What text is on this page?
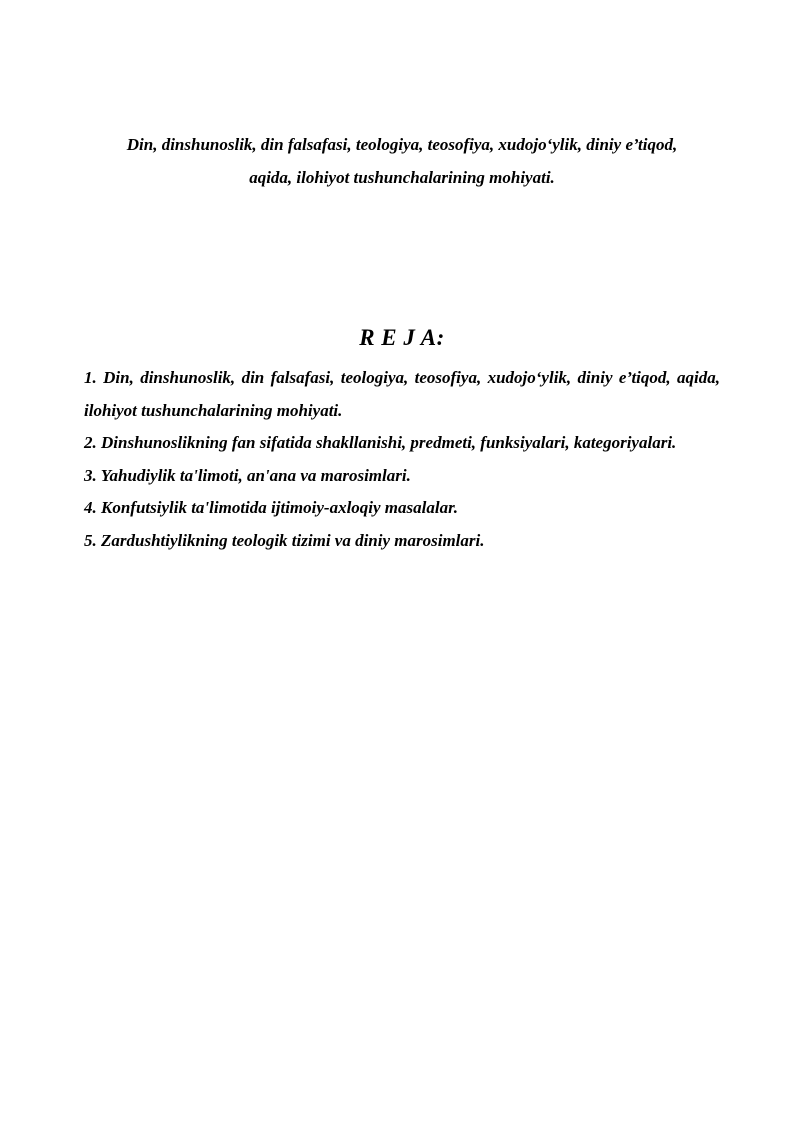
Din, dinshunoslik, din falsafasi, teologiya, teosofiya, xudojo‘ylik, diniy e’tiqod,
aqida, ilohiyot tushunchalarining mohiyati.
R E J A:
1. Din, dinshunoslik, din falsafasi, teologiya, teosofiya, xudojo‘ylik, diniy e’tiqod, aqida, ilohiyot tushunchalarining mohiyati.
2. Dinshunoslikning fan sifatida shakllanishi, predmeti, funksiyalari, kategoriyalari.
3. Yahudiylik ta'limoti, an'ana va marosimlari.
4. Konfutsiylik ta'limotida ijtimoiy-axloqiy masalalar.
5. Zardushtiylikning teologik tizimi va diniy marosimlari.
